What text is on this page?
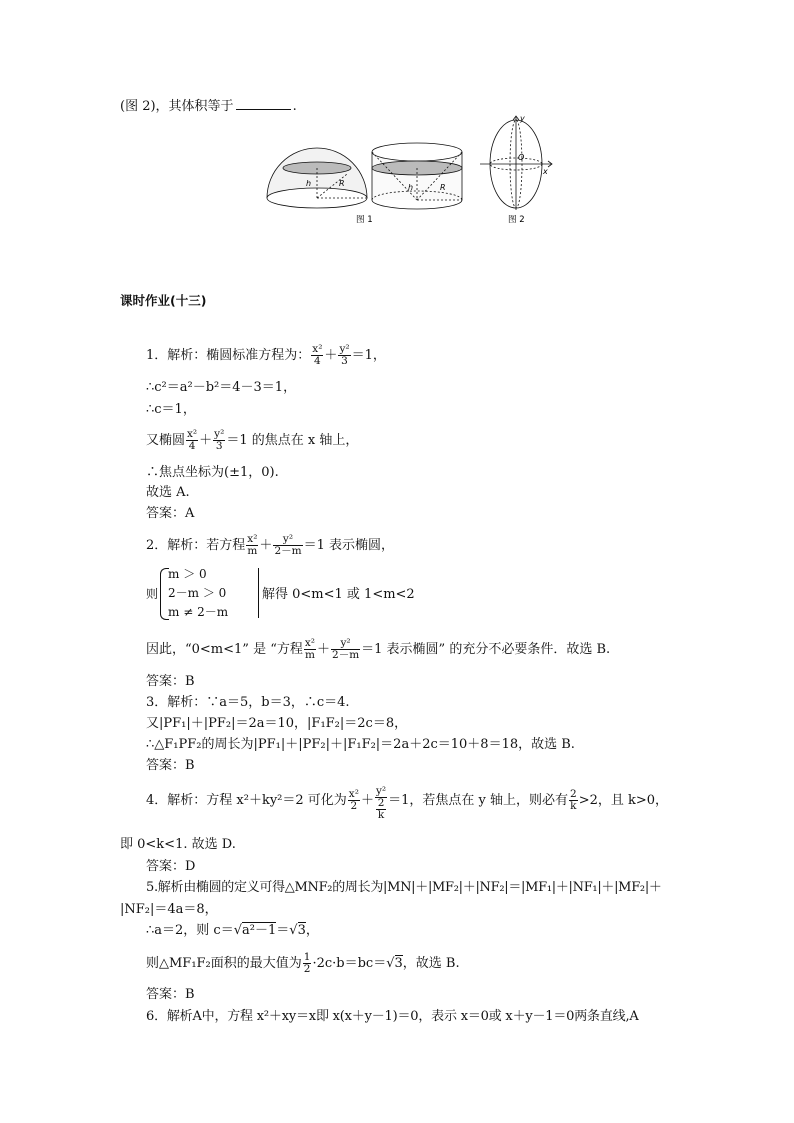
(图 2)，其体积等于	.
h	R	h	R
图 1
y
O
x
图 2
课时作业(十三)
1．解析：椭圆标准方程为： $\frac{\text{x²}}{4} + \frac{\text{y²}}{3} =1$，
∴c²＝a²－b²＝4－3＝1，
∴c＝1，
又椭圆 $\frac{\text{x²}}{4} + \frac{\text{y²}}{3} =1$ 的焦点在 x 轴上，
∴焦点坐标为(±1，0).
故选 A.
答案：A
2．解析：若方程 $\frac{\text{x²}}{m} + \frac{\text{y²}}{2-m} =1$ 表示椭圆，
则
m ＞ 0
2－m ＞ 0
m ≠ 2－m
解得 0<m<1 或 1<m<2
因此，“0<m<1” 是 “方程 $\frac{\text{x²}}{m} + \frac{\text{y²}}{2-m} =1$ 表示椭圆” 的充分不必要条件．故选 B.
答案：B
3．解析：∵a＝5，b＝3，∴c＝4.
又|PF₁|＋|PF₂|＝2a＝10，|F₁F₂|＝2c＝8，
∴△F₁PF₂的周长为|PF₁|＋|PF₂|＋|F₁F₂|＝2a＋2c＝10＋8＝18，故选 B.
答案：B
4．解析：方程 x²＋ky²＝2 可化为 $\frac{\text{x²}}{2} + y^2$
2
k ＝1，若焦点在 y 轴上，则必有 $\frac{2}{k} >2$，且 k>0，
即 0<k<1. 故选 D.
答案：D
5.解析由椭圆的定义可得△MNF₂的周长为|MN|＋|MF₂|＋|NF₂|＝|MF₁|＋|NF₁|＋|MF₂|＋
|NF₂|＝4a＝8，
∴a＝2，则 c＝√a²－1＝√3，
则△MF₁F₂面积的最大值为 $\frac{1}{2} \cdot 2c\cdot b=bc=√3$，故选 B.
答案：B
6．解析A中，方程 x²＋xy＝x即 x(x＋y－1)＝0，表示 x＝0或 x＋y－1＝0两条直线,A
